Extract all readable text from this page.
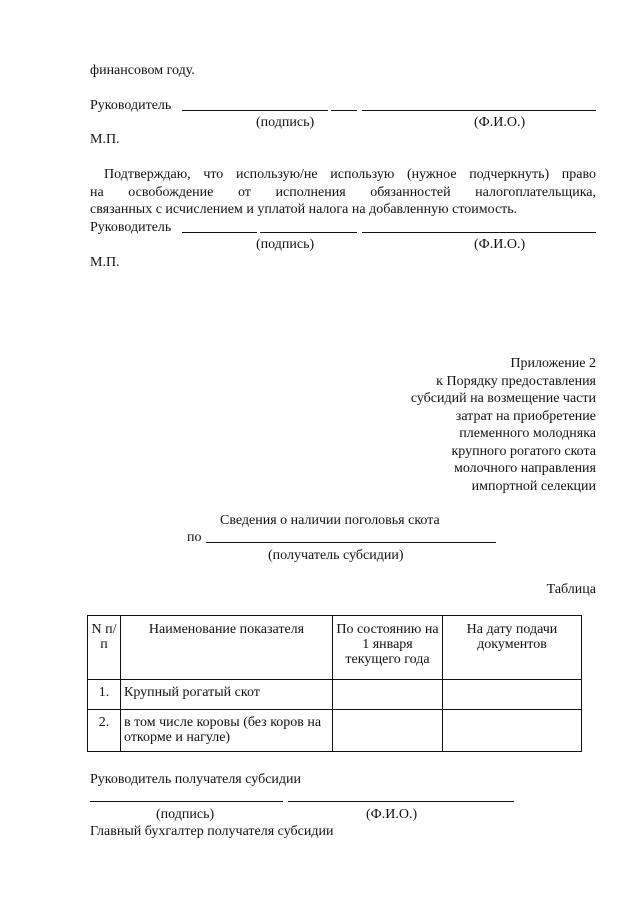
финансовом году.
Руководитель
(подпись)	(Ф.И.О.)
М.П.
Подтверждаю, что использую/не использую (нужное подчеркнуть) право
на освобождение от исполнения обязанностей налогоплательщика,
связанных с исчислением и уплатой налога на добавленную стоимость.
Руководитель
(подпись)	(Ф.И.О.)
М.П.
Приложение 2
к Порядку предоставления
субсидий на возмещение части
затрат на приобретение
племенного молодняка
крупного рогатого скота
молочного направления
импортной селекции
Сведения о наличии поголовья скота
по
(получатель субсидии)
Таблица
N п/п	Наименование показателя	По состоянию на 1 января текущего года	На дату подачи документов
1.	Крупный рогатый скот		
2.	в том числе коровы (без коров на откорме и нагуле)		
Руководитель получателя субсидии
(подпись)	(Ф.И.О.)
Главный бухгалтер получателя субсидии
